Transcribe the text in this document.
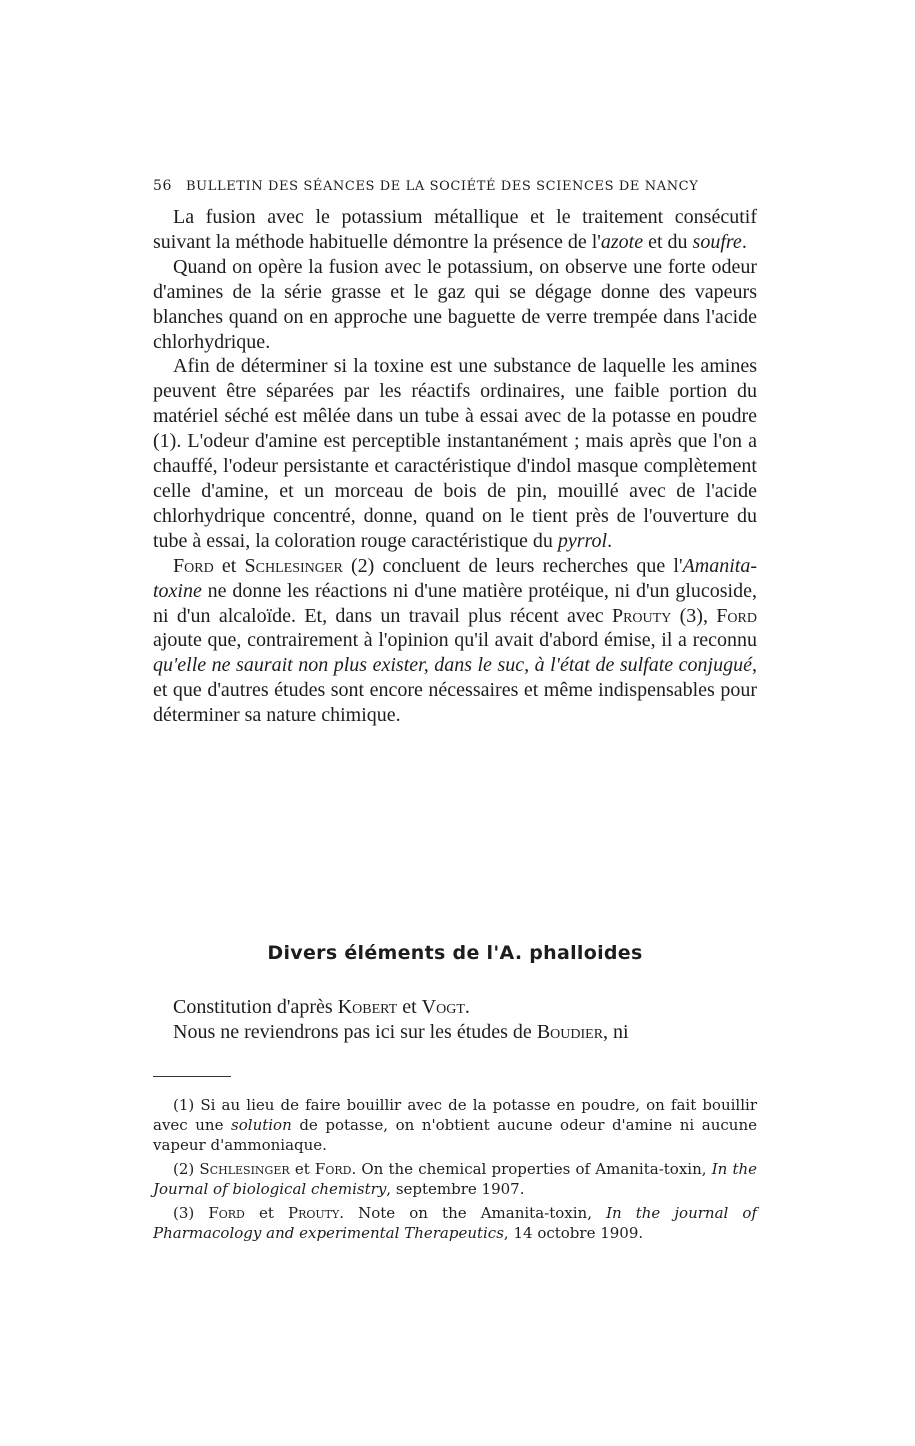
56 BULLETIN DES SÉANCES DE LA SOCIÉTÉ DES SCIENCES DE NANCY

La fusion avec le potassium métallique et le traitement consécutif suivant la méthode habituelle démontre la présence de l'azote et du soufre.

Quand on opère la fusion avec le potassium, on observe une forte odeur d'amines de la série grasse et le gaz qui se dégage donne des vapeurs blanches quand on en approche une baguette de verre trempée dans l'acide chlorhydrique.

Afin de déterminer si la toxine est une substance de laquelle les amines peuvent être séparées par les réactifs ordinaires, une faible portion du matériel séché est mêlée dans un tube à essai avec de la potasse en poudre (1). L'odeur d'amine est perceptible instantanément ; mais après que l'on a chauffé, l'odeur persistante et caractéristique d'indol masque complètement celle d'amine, et un morceau de bois de pin, mouillé avec de l'acide chlorhydrique concentré, donne, quand on le tient près de l'ouverture du tube à essai, la coloration rouge caractéristique du pyrrol.

Ford et Schlesinger (2) concluent de leurs recherches que l'Amanita-toxine ne donne les réactions ni d'une matière protéique, ni d'un glucoside, ni d'un alcaloïde. Et, dans un travail plus récent avec Prouty (3), Ford ajoute que, contrairement à l'opinion qu'il avait d'abord émise, il a reconnu qu'elle ne saurait non plus exister, dans le suc, à l'état de sulfate conjugué, et que d'autres études sont encore nécessaires et même indispensables pour déterminer sa nature chimique.

Divers éléments de l'A. phalloides

Constitution d'après Kobert et Vogt.

Nous ne reviendrons pas ici sur les études de Boudier, ni

(1) Si au lieu de faire bouillir avec de la potasse en poudre, on fait bouillir avec une solution de potasse, on n'obtient aucune odeur d'amine ni aucune vapeur d'ammoniaque.

(2) Schlesinger et Ford. On the chemical properties of Amanita-toxin, In the Journal of biological chemistry, septembre 1907.

(3) Ford et Prouty. Note on the Amanita-toxin, In the journal of Pharmacology and experimental Therapeutics, 14 octobre 1909.
